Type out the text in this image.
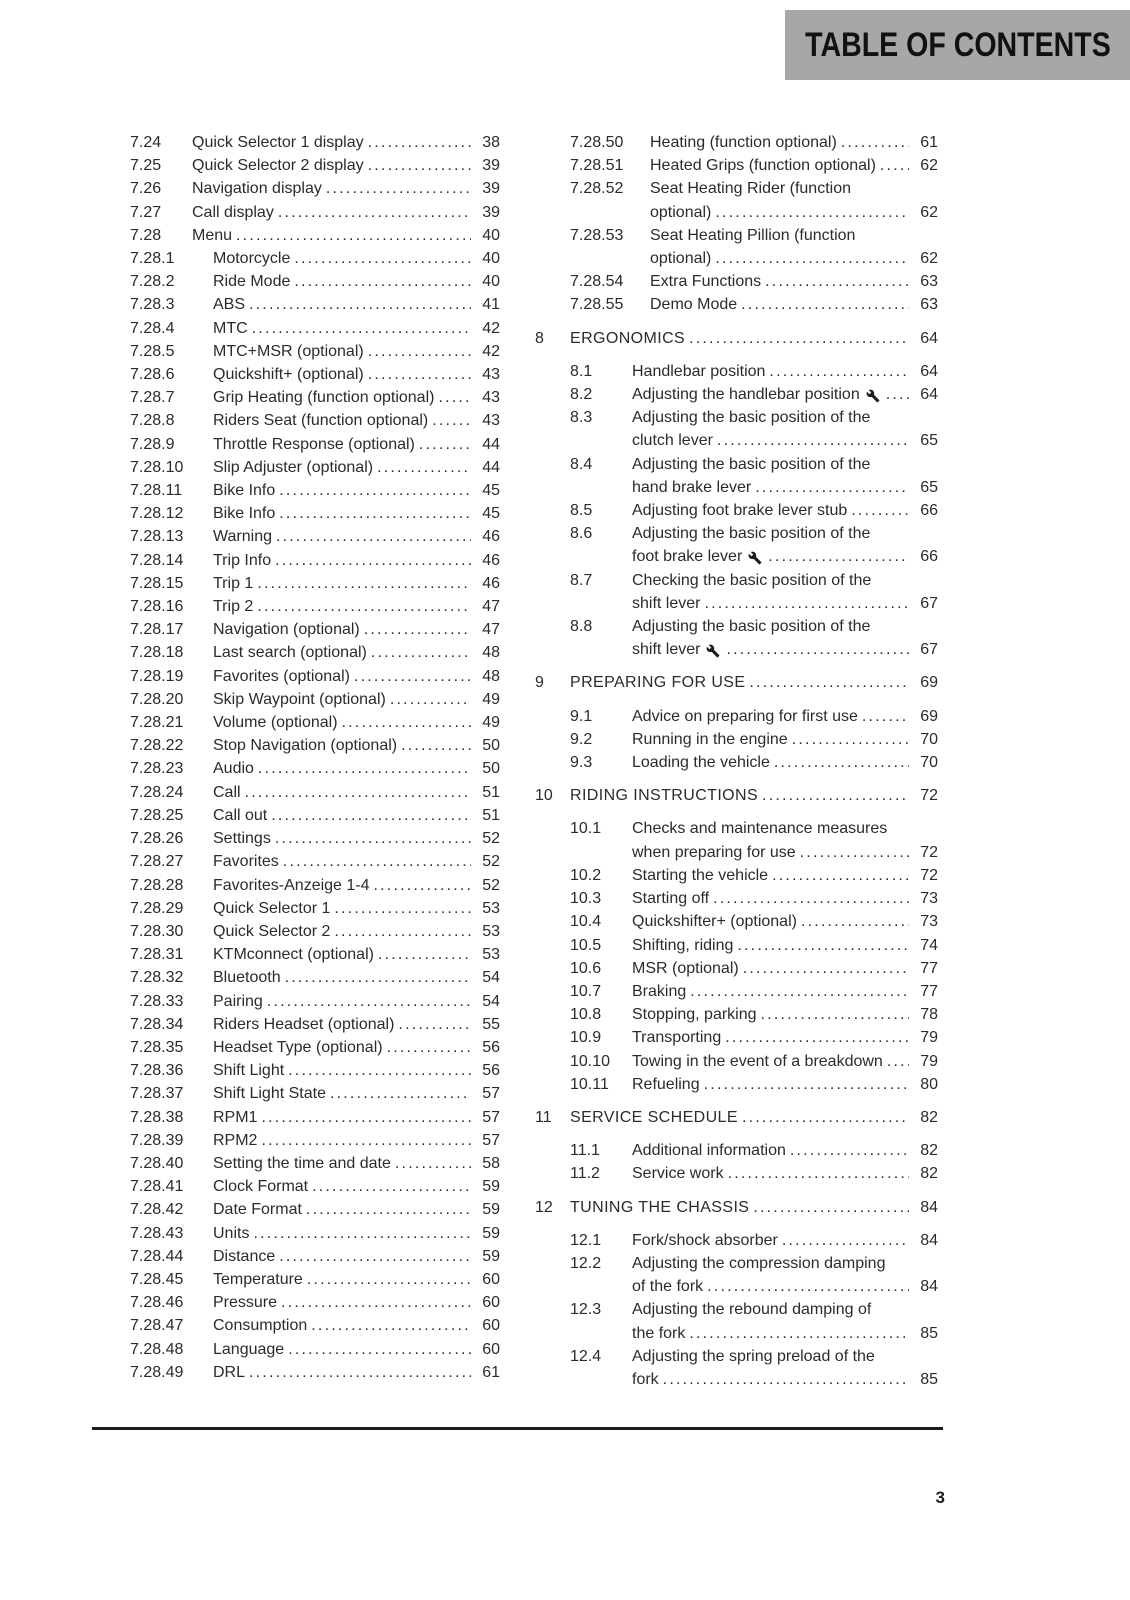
TABLE OF CONTENTS
7.24	Quick Selector 1 display .....	38
7.25	Quick Selector 2 display .....	39
7.26	Navigation display .....	39
7.27	Call display .....	39
7.28	Menu .....	40
7.28.1	Motorcycle .....	40
7.28.2	Ride Mode .....	40
7.28.3	ABS .....	41
7.28.4	MTC .....	42
7.28.5	MTC+MSR (optional) .....	42
7.28.6	Quickshift+ (optional) .....	43
7.28.7	Grip Heating (function optional) .....	43
7.28.8	Riders Seat (function optional) .....	43
7.28.9	Throttle Response (optional) .....	44
7.28.10	Slip Adjuster (optional) .....	44
7.28.11	Bike Info .....	45
7.28.12	Bike Info .....	45
7.28.13	Warning .....	46
7.28.14	Trip Info .....	46
7.28.15	Trip 1 .....	46
7.28.16	Trip 2 .....	47
7.28.17	Navigation (optional) .....	47
7.28.18	Last search (optional) .....	48
7.28.19	Favorites (optional) .....	48
7.28.20	Skip Waypoint (optional) .....	49
7.28.21	Volume (optional) .....	49
7.28.22	Stop Navigation (optional) .....	50
7.28.23	Audio .....	50
7.28.24	Call .....	51
7.28.25	Call out .....	51
7.28.26	Settings .....	52
7.28.27	Favorites .....	52
7.28.28	Favorites-Anzeige 1-4 .....	52
7.28.29	Quick Selector 1 .....	53
7.28.30	Quick Selector 2 .....	53
7.28.31	KTMconnect (optional) .....	53
7.28.32	Bluetooth .....	54
7.28.33	Pairing .....	54
7.28.34	Riders Headset (optional) .....	55
7.28.35	Headset Type (optional) .....	56
7.28.36	Shift Light .....	56
7.28.37	Shift Light State .....	57
7.28.38	RPM1 .....	57
7.28.39	RPM2 .....	57
7.28.40	Setting the time and date .....	58
7.28.41	Clock Format .....	59
7.28.42	Date Format .....	59
7.28.43	Units .....	59
7.28.44	Distance .....	59
7.28.45	Temperature .....	60
7.28.46	Pressure .....	60
7.28.47	Consumption .....	60
7.28.48	Language .....	60
7.28.49	DRL .....	61
7.28.50	Heating (function optional) .....	61
7.28.51	Heated Grips (function optional) .....	62
7.28.52	Seat Heating Rider (function
optional) .....	62
7.28.53	Seat Heating Pillion (function
optional) .....	62
7.28.54	Extra Functions .....	63
7.28.55	Demo Mode .....	63
8	ERGONOMICS .....	64
8.1	Handlebar position .....	64
8.2	Adjusting the handlebar position .....	64
8.3	Adjusting the basic position of the
clutch lever .....	65
8.4	Adjusting the basic position of the
hand brake lever .....	65
8.5	Adjusting foot brake lever stub .....	66
8.6	Adjusting the basic position of the
foot brake lever .....	66
8.7	Checking the basic position of the
shift lever .....	67
8.8	Adjusting the basic position of the
shift lever .....	67
9	PREPARING FOR USE .....	69
9.1	Advice on preparing for first use .....	69
9.2	Running in the engine .....	70
9.3	Loading the vehicle .....	70
10	RIDING INSTRUCTIONS .....	72
10.1	Checks and maintenance measures
when preparing for use .....	72
10.2	Starting the vehicle .....	72
10.3	Starting off .....	73
10.4	Quickshifter+ (optional) .....	73
10.5	Shifting, riding .....	74
10.6	MSR (optional) .....	77
10.7	Braking .....	77
10.8	Stopping, parking .....	78
10.9	Transporting .....	79
10.10	Towing in the event of a breakdown .....	79
10.11	Refueling .....	80
11	SERVICE SCHEDULE .....	82
11.1	Additional information .....	82
11.2	Service work .....	82
12	TUNING THE CHASSIS .....	84
12.1	Fork/shock absorber .....	84
12.2	Adjusting the compression damping
of the fork .....	84
12.3	Adjusting the rebound damping of
the fork .....	85
12.4	Adjusting the spring preload of the
fork .....	85
3
